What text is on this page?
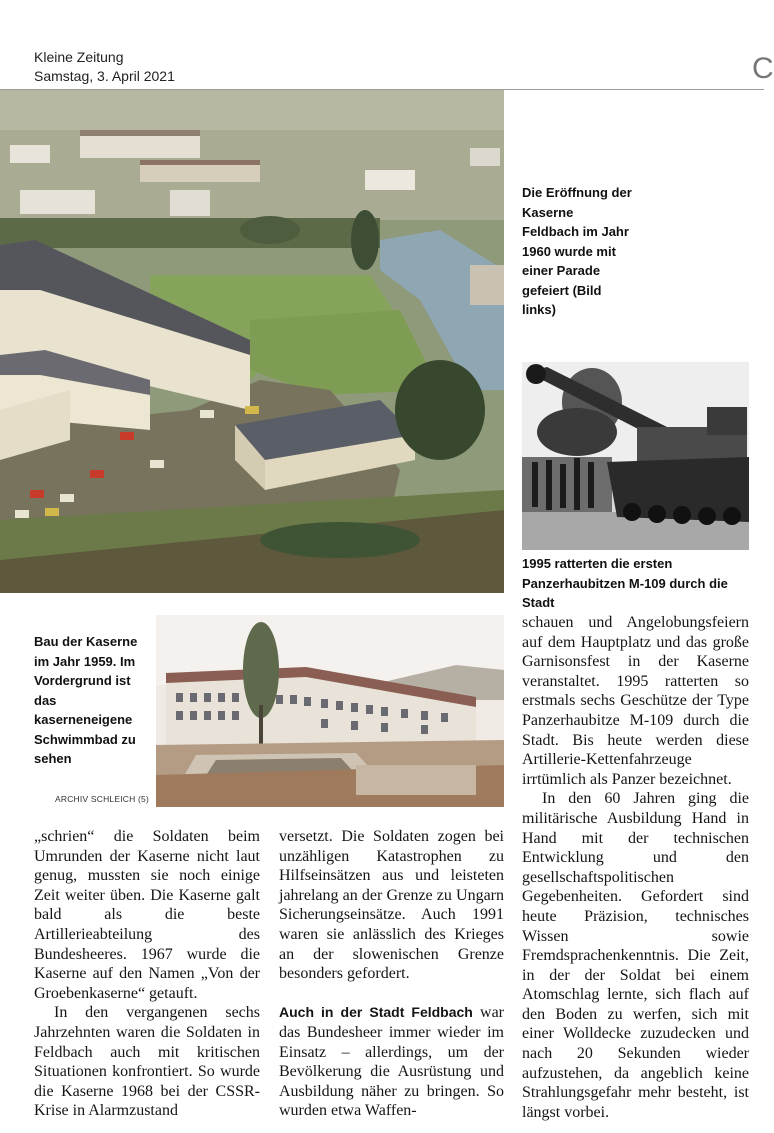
Kleine Zeitung
Samstag, 3. April 2021	C
Die Eröffnung der Kaserne Feldbach im Jahr 1960 wurde mit einer Parade gefeiert (Bild links)
1995 ratterten die ersten Panzerhaubitzen M-109 durch die Stadt
Bau der Kaserne im Jahr 1959. Im Vordergrund ist das kaserneneigene Schwimmbad zu sehen
ARCHIV SCHLEICH (5)

„schrien“ die Soldaten beim Umrunden der Kaserne nicht laut genug, mussten sie noch einige Zeit weiter üben. Die Kaserne galt bald als die beste Artillerieabteilung des Bundesheeres. 1967 wurde die Kaserne auf den Namen „Von der Groebenkaserne“ getauft.

In den vergangenen sechs Jahrzehnten waren die Soldaten in Feldbach auch mit kritischen Situationen konfrontiert. So wurde die Kaserne 1968 bei der CSSR-Krise in Alarmzustand

versetzt. Die Soldaten zogen bei unzähligen Katastrophen zu Hilfseinsätzen aus und leisteten jahrelang an der Grenze zu Ungarn Sicherungseinsätze. Auch 1991 waren sie anlässlich des Krieges an der slowenischen Grenze besonders gefordert.

Auch in der Stadt Feldbach war das Bundesheer immer wieder im Einsatz – allerdings, um der Bevölkerung die Ausrüstung und Ausbildung näher zu bringen. So wurden etwa Waffen-

schauen und Angelobungsfeiern auf dem Hauptplatz und das große Garnisonsfest in der Kaserne veranstaltet. 1995 ratterten so erstmals sechs Geschütze der Type Panzerhaubitze M-109 durch die Stadt. Bis heute werden diese Artillerie-Kettenfahrzeuge irrtümlich als Panzer bezeichnet.

In den 60 Jahren ging die militärische Ausbildung Hand in Hand mit der technischen Entwicklung und den gesellschaftspolitischen Gegebenheiten. Gefordert sind heute Präzision, technisches Wissen sowie Fremdsprachenkenntnis. Die Zeit, in der der Soldat bei einem Atomschlag lernte, sich flach auf den Boden zu werfen, sich mit einer Wolldecke zuzudecken und nach 20 Sekunden wieder aufzustehen, da angeblich keine Strahlungsgefahr mehr besteht, ist längst vorbei.
